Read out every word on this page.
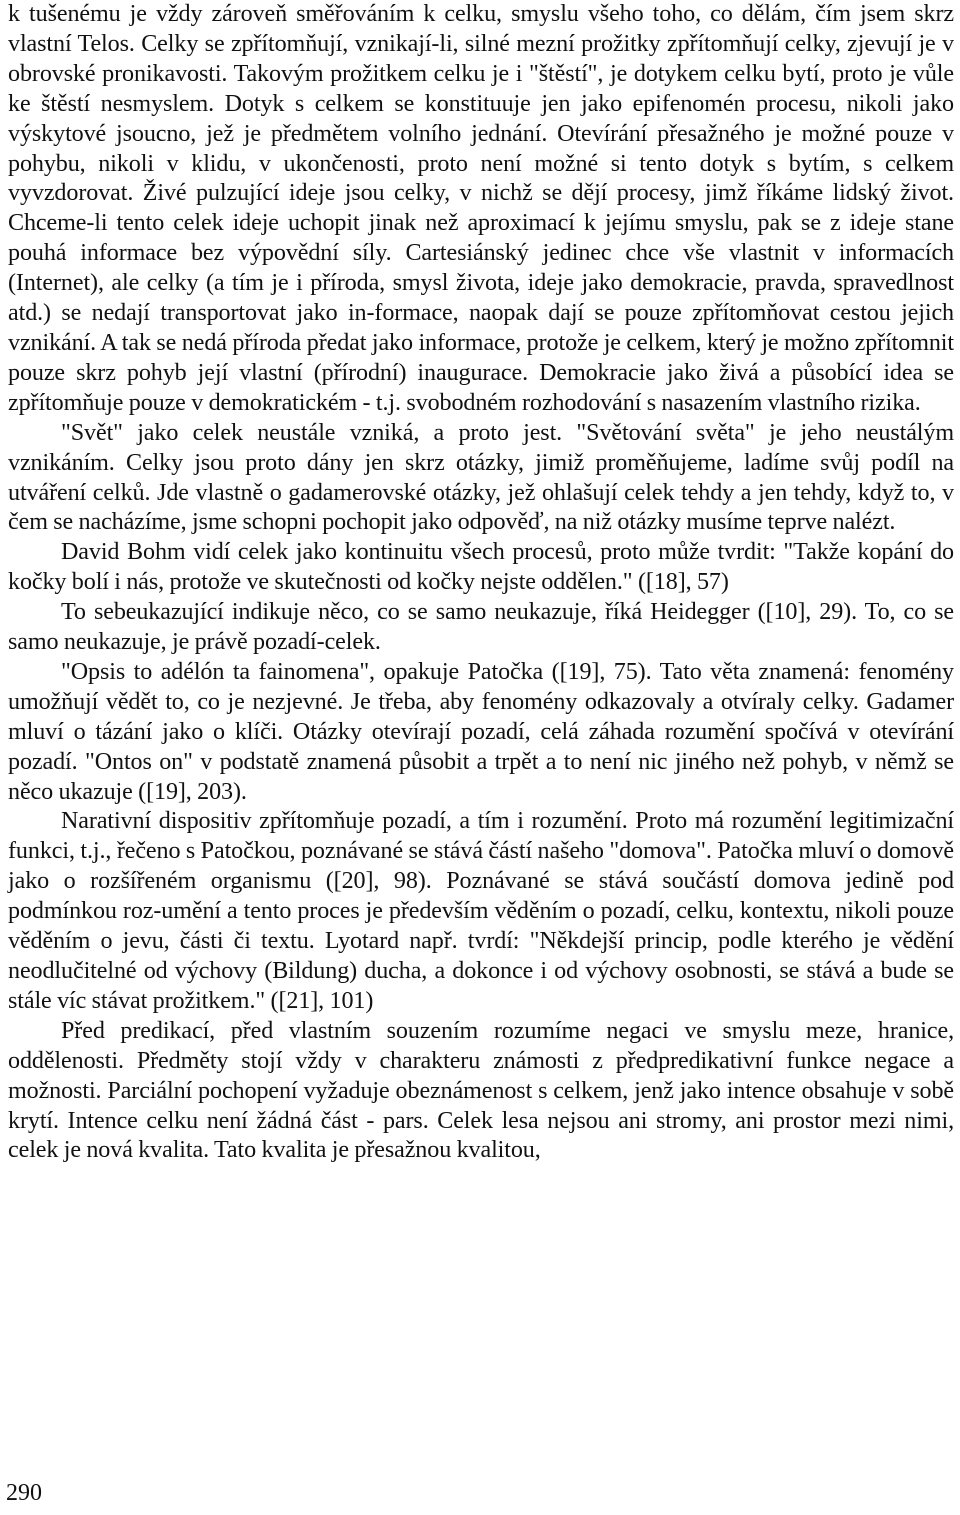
k tušenému je vždy zároveň směřováním k celku, smyslu všeho toho, co dělám, čím jsem skrz vlastní Telos. Celky se zpřítomňují, vznikají-li, silné mezní prožitky zpřítomňují celky, zjevují je v obrovské pronikavosti. Takovým prožitkem celku je i "štěstí", je dotykem celku bytí, proto je vůle ke štěstí nesmyslem. Dotyk s celkem se konstituuje jen jako epifenomén procesu, nikoli jako výskytové jsoucno, jež je předmětem volního jednání. Otevírání přesažného je možné pouze v pohybu, nikoli v klidu, v ukončenosti, proto není možné si tento dotyk s bytím, s celkem vyvzdorovat. Živé pulzující ideje jsou celky, v nichž se dějí procesy, jimž říkáme lidský život. Chceme-li tento celek ideje uchopit jinak než aproximací k jejímu smyslu, pak se z ideje stane pouhá informace bez výpovědní síly. Cartesiánský jedinec chce vše vlastnit v informacích (Internet), ale celky (a tím je i příroda, smysl života, ideje jako demokracie, pravda, spravedlnost atd.) se nedají transportovat jako in-formace, naopak dají se pouze zpřítomňovat cestou jejich vznikání. A tak se nedá příroda předat jako informace, protože je celkem, který je možno zpřítomnit pouze skrz pohyb její vlastní (přírodní) inaugurace. Demokracie jako živá a působící idea se zpřítomňuje pouze v demokratickém - t.j. svobodném rozhodování s nasazením vlastního rizika.

"Svět" jako celek neustále vzniká, a proto jest. "Světování světa" je jeho neustálým vznikáním. Celky jsou proto dány jen skrz otázky, jimiž proměňujeme, ladíme svůj podíl na utváření celků. Jde vlastně o gadamerovské otázky, jež ohlašují celek tehdy a jen tehdy, když to, v čem se nacházíme, jsme schopni pochopit jako odpověď, na niž otázky musíme teprve nalézt.

David Bohm vidí celek jako kontinuitu všech procesů, proto může tvrdit: "Takže kopání do kočky bolí i nás, protože ve skutečnosti od kočky nejste oddělen." ([18], 57)

To sebeukazující indikuje něco, co se samo neukazuje, říká Heidegger ([10], 29). To, co se samo neukazuje, je právě pozadí-celek.

"Opsis to adélón ta fainomena", opakuje Patočka ([19], 75). Tato věta znamená: fenomény umožňují vědět to, co je nezjevné. Je třeba, aby fenomény odkazovaly a otvíraly celky. Gadamer mluví o tázání jako o klíči. Otázky otevírají pozadí, celá záhada rozumění spočívá v otevírání pozadí. "Ontos on" v podstatě znamená působit a trpět a to není nic jiného než pohyb, v němž se něco ukazuje ([19], 203).

Narativní dispositiv zpřítomňuje pozadí, a tím i rozumění. Proto má rozumění legitimizační funkci, t.j., řečeno s Patočkou, poznávané se stává částí našeho "domova". Patočka mluví o domově jako o rozšířeném organismu ([20], 98). Poznávané se stává součástí domova jedině pod podmínkou roz-umění a tento proces je především věděním o pozadí, celku, kontextu, nikoli pouze věděním o jevu, části či textu. Lyotard např. tvrdí: "Někdejší princip, podle kterého je vědění neodlučitelné od výchovy (Bildung) ducha, a dokonce i od výchovy osobnosti, se stává a bude se stále víc stávat prožitkem." ([21], 101)

Před predikací, před vlastním souzením rozumíme negaci ve smyslu meze, hranice, oddělenosti. Předměty stojí vždy v charakteru známosti z předpredikativní funkce negace a možnosti. Parciální pochopení vyžaduje obeznámenost s celkem, jenž jako intence obsahuje v sobě krytí. Intence celku není žádná část - pars. Celek lesa nejsou ani stromy, ani prostor mezi nimi, celek je nová kvalita. Tato kvalita je přesažnou kvalitou,

290
